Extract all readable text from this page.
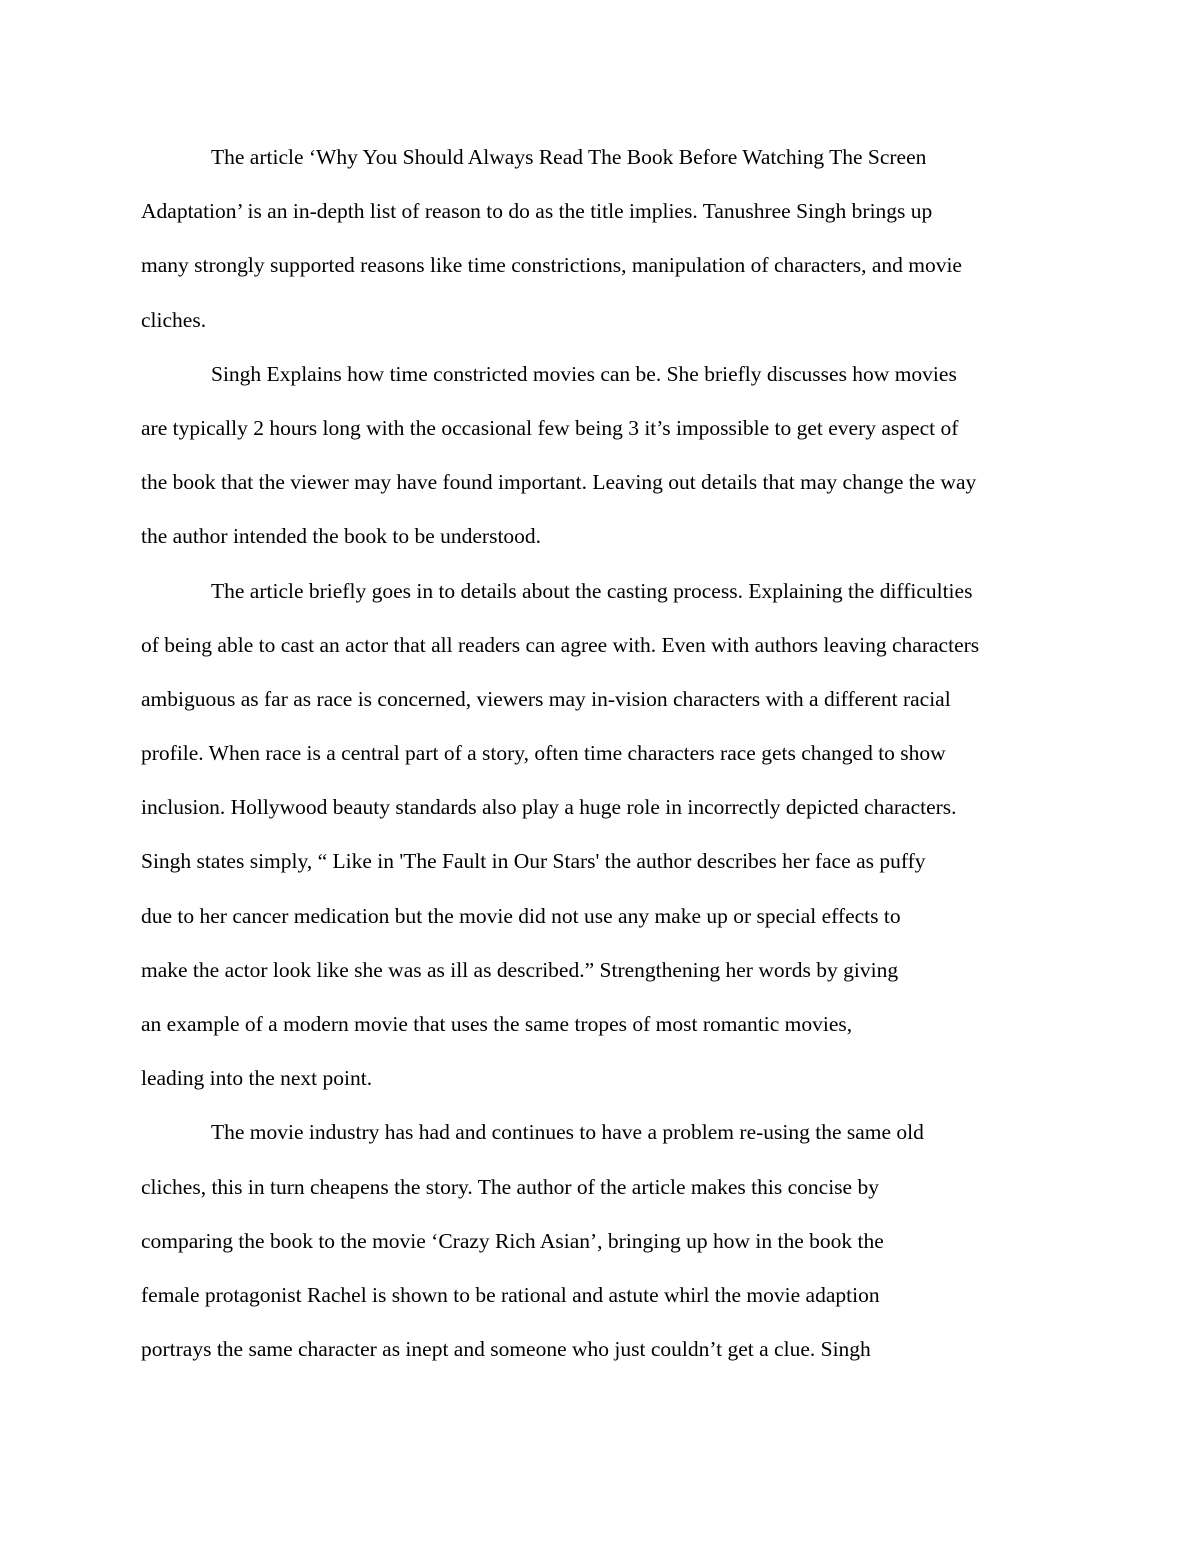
The article ‘Why You Should Always Read The Book Before Watching The Screen
Adaptation’ is an in-depth list of reason to do as the title implies. Tanushree Singh brings up
many strongly supported reasons like time constrictions, manipulation of characters, and movie
cliches.
Singh Explains how time constricted movies can be. She briefly discusses how movies
are typically 2 hours long with the occasional few being 3 it’s impossible to get every aspect of
the book that the viewer may have found important. Leaving out details that may change the way
the author intended the book to be understood.
The article briefly goes in to details about the casting process. Explaining the difficulties
of being able to cast an actor that all readers can agree with. Even with authors leaving characters
ambiguous as far as race is concerned, viewers may in-vision characters with a different racial
profile. When race is a central part of a story, often time characters race gets changed to show
inclusion. Hollywood beauty standards also play a huge role in incorrectly depicted characters.
Singh states simply, “ Like in 'The Fault in Our Stars' the author describes her face as puffy
due to her cancer medication but the movie did not use any make up or special effects to
make the actor look like she was as ill as described.” Strengthening her words by giving
an example of a modern movie that uses the same tropes of most romantic movies,
leading into the next point.
The movie industry has had and continues to have a problem re-using the same old
cliches, this in turn cheapens the story. The author of the article makes this concise by
comparing the book to the movie ‘Crazy Rich Asian’, bringing up how in the book the
female protagonist Rachel is shown to be rational and astute whirl the movie adaption
portrays the same character as inept and someone who just couldn’t get a clue. Singh
